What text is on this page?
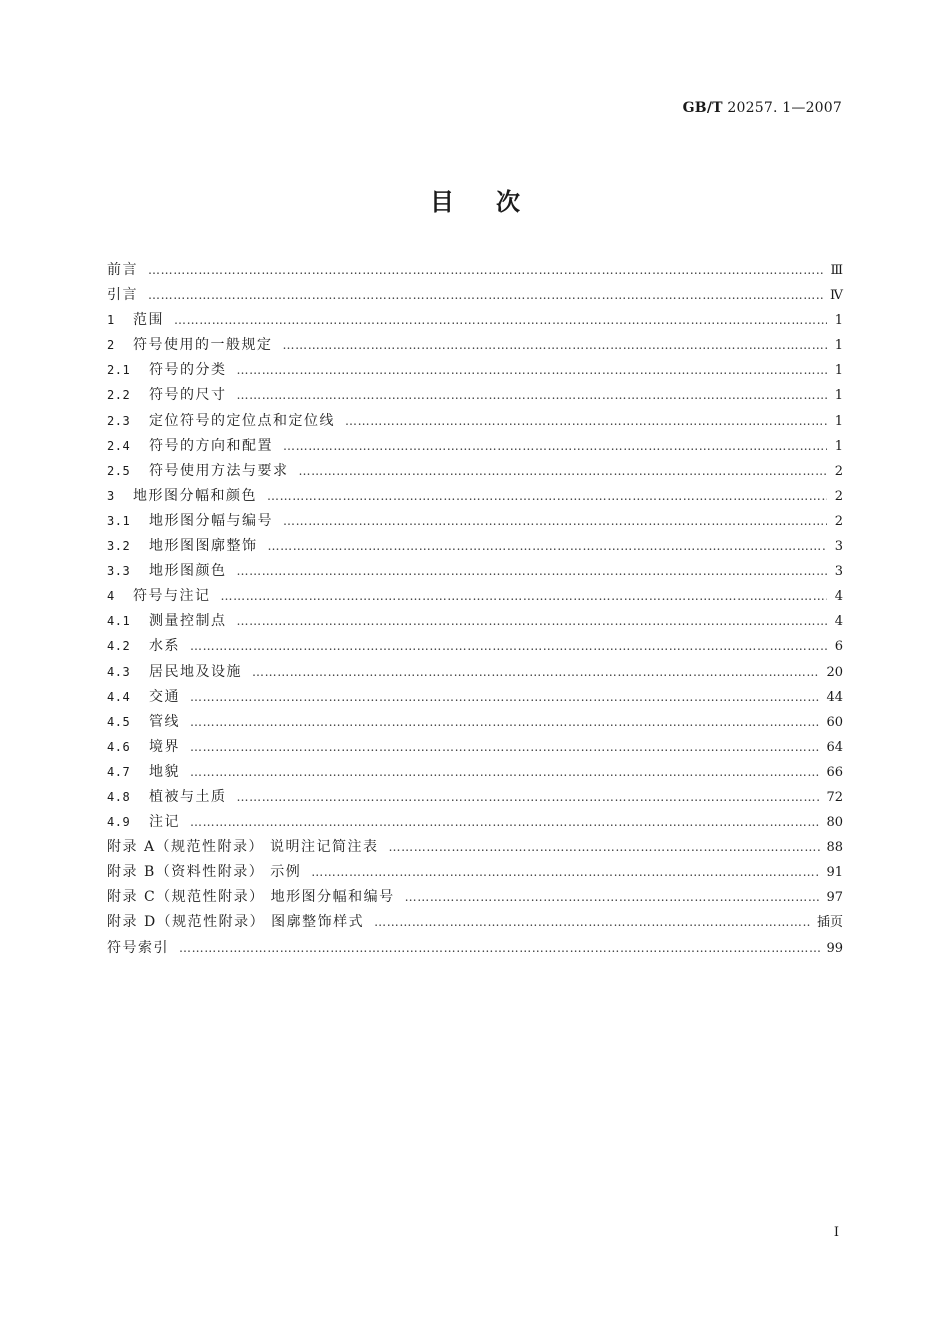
GB/T 20257. 1—2007
目次
前言 …………………………………………………………………………………………………………………………………………………………………………………………………………………………………………………	Ⅲ
引言 …………………………………………………………………………………………………………………………………………………………………………………………………………………………………………………	Ⅳ
1	范围 …………………………………………………………………………………………………………………………………………………………………………………………………………………………………………………	1
2	符号使用的一般规定 …………………………………………………………………………………………………………………………………………………………………………………………………………………………………………………	1
2.1	符号的分类 …………………………………………………………………………………………………………………………………………………………………………………………………………………………………………………	1
2.2	符号的尺寸 …………………………………………………………………………………………………………………………………………………………………………………………………………………………………………………	1
2.3	定位符号的定位点和定位线 …………………………………………………………………………………………………………………………………………………………………………………………………………………………………………………	1
2.4	符号的方向和配置 …………………………………………………………………………………………………………………………………………………………………………………………………………………………………………………	1
2.5	符号使用方法与要求 …………………………………………………………………………………………………………………………………………………………………………………………………………………………………………………	2
3	地形图分幅和颜色 …………………………………………………………………………………………………………………………………………………………………………………………………………………………………………………	2
3.1	地形图分幅与编号 …………………………………………………………………………………………………………………………………………………………………………………………………………………………………………………	2
3.2	地形图图廓整饰 …………………………………………………………………………………………………………………………………………………………………………………………………………………………………………………	3
3.3	地形图颜色 …………………………………………………………………………………………………………………………………………………………………………………………………………………………………………………	3
4	符号与注记 …………………………………………………………………………………………………………………………………………………………………………………………………………………………………………………	4
4.1	测量控制点 …………………………………………………………………………………………………………………………………………………………………………………………………………………………………………………	4
4.2	水系 …………………………………………………………………………………………………………………………………………………………………………………………………………………………………………………	6
4.3	居民地及设施 …………………………………………………………………………………………………………………………………………………………………………………………………………………………………………………	20
4.4	交通 …………………………………………………………………………………………………………………………………………………………………………………………………………………………………………………	44
4.5	管线 …………………………………………………………………………………………………………………………………………………………………………………………………………………………………………………	60
4.6	境界 …………………………………………………………………………………………………………………………………………………………………………………………………………………………………………………	64
4.7	地貌 …………………………………………………………………………………………………………………………………………………………………………………………………………………………………………………	66
4.8	植被与土质 …………………………………………………………………………………………………………………………………………………………………………………………………………………………………………………	72
4.9	注记 …………………………………………………………………………………………………………………………………………………………………………………………………………………………………………………	80
附录 A（规范性附录） 说明注记简注表 …………………………………………………………………………………………………………………………………………………………………………………………………………………………………………………	88
附录 B（资料性附录） 示例 …………………………………………………………………………………………………………………………………………………………………………………………………………………………………………………	91
附录 C（规范性附录） 地形图分幅和编号 …………………………………………………………………………………………………………………………………………………………………………………………………………………………………………………	97
附录 D（规范性附录） 图廓整饰样式 …………………………………………………………………………………………………………………………………………………………………………………………………………………………………………………	插页
符号索引 …………………………………………………………………………………………………………………………………………………………………………………………………………………………………………………	99
I
